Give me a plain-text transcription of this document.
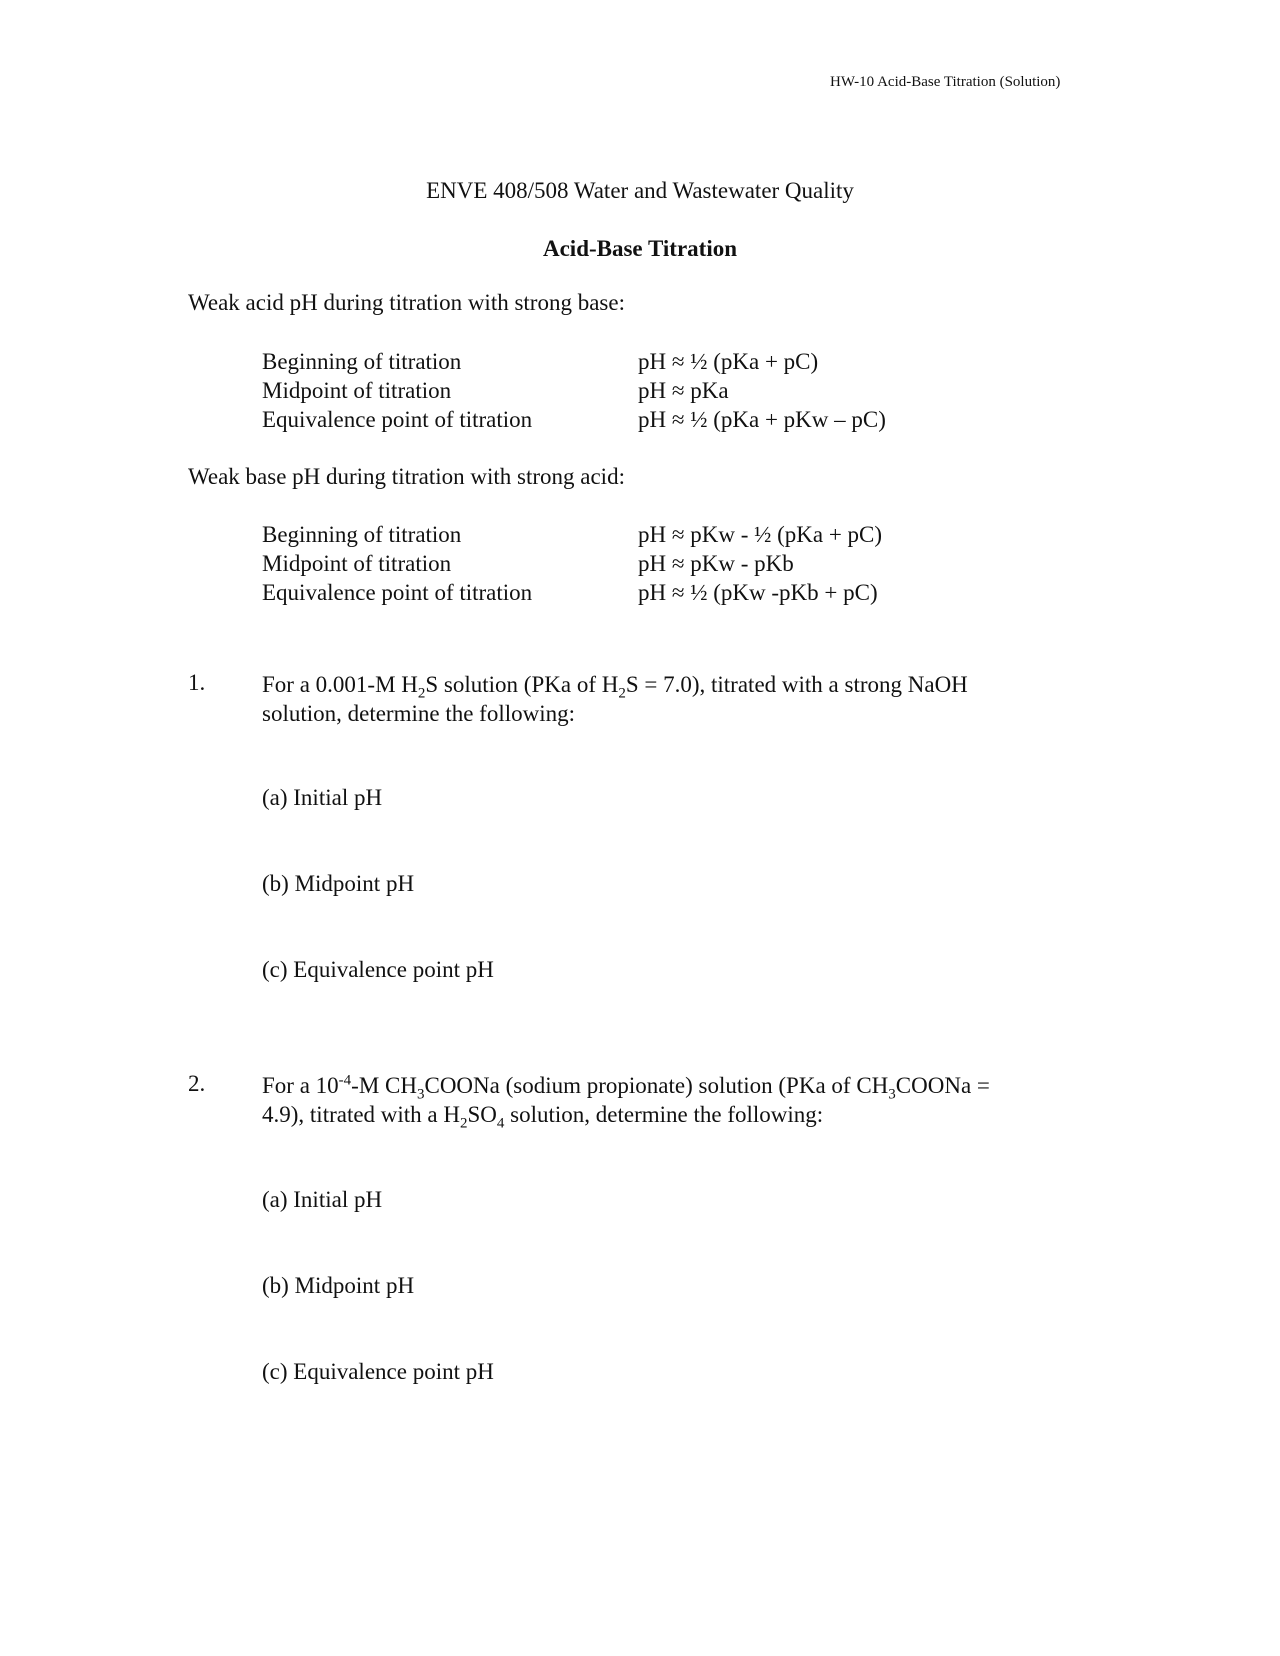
HW-10 Acid-Base Titration (Solution)
ENVE 408/508 Water and Wastewater Quality
Acid-Base Titration
Weak acid pH during titration with strong base:
Beginning of titration	pH ≈ ½ (pKa + pC)
Midpoint of titration	pH ≈ pKa
Equivalence point of titration	pH ≈ ½ (pKa + pKw – pC)
Weak base pH during titration with strong acid:
Beginning of titration	pH ≈ pKw - ½ (pKa + pC)
Midpoint of titration	pH ≈ pKw - pKb
Equivalence point of titration	pH ≈ ½ (pKw -pKb + pC)
1. For a 0.001-M $H_2S$ solution (PKa of $H_2S = 7.0$), titrated with a strong NaOH
solution, determine the following:
(a) Initial pH
(b) Midpoint pH
(c) Equivalence point pH
2. For a $10^{-4}-M$ $CH_3COONa$ (sodium propionate) solution (PKa of $CH_3COONa$ =
4.9), titrated with a $H_2SO_4$ solution, determine the following:
(a) Initial pH
(b) Midpoint pH
(c) Equivalence point pH
